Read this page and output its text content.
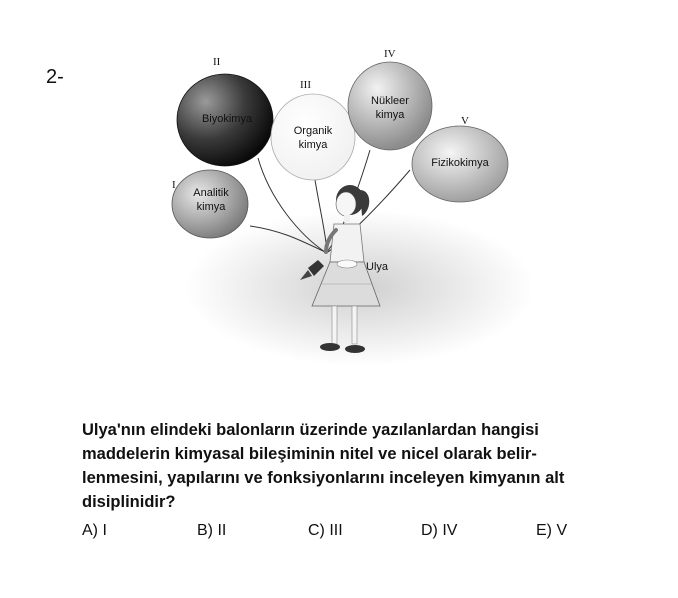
2-
I
Analitik
kimya
II
Biyokimya
III
Organik
kimya
IV
Nükleer
kimya	V
Fizikokimya
Ulya
Ulya'nın elindeki balonların üzerinde yazılanlardan hangisi maddelerin kimyasal bileşiminin nitel ve nicel olarak belir-lenmesini, yapılarını ve fonksiyonlarını inceleyen kimyanın alt disiplinidir?
A) I	B) II	C) III	D) IV	E) V
